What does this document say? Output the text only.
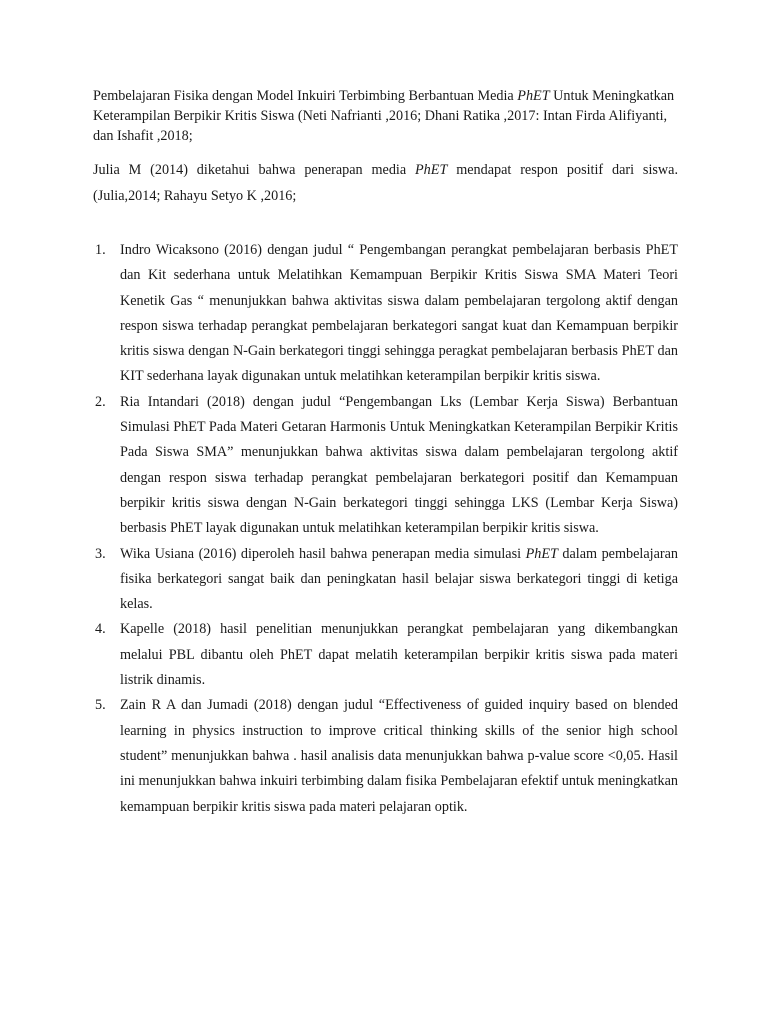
Pembelajaran Fisika dengan Model Inkuiri Terbimbing Berbantuan Media PhET Untuk Meningkatkan Keterampilan Berpikir Kritis Siswa (Neti Nafrianti ,2016; Dhani Ratika ,2017: Intan Firda Alifiyanti, dan Ishafit ,2018;

Julia M (2014) diketahui bahwa penerapan media PhET mendapat respon positif dari siswa. (Julia,2014; Rahayu Setyo K ,2016;

1. Indro Wicaksono (2016) dengan judul “ Pengembangan perangkat pembelajaran berbasis PhET dan Kit sederhana untuk Melatihkan Kemampuan Berpikir Kritis Siswa SMA Materi Teori Kenetik Gas “ menunjukkan bahwa aktivitas siswa dalam pembelajaran tergolong aktif dengan respon siswa terhadap perangkat pembelajaran berkategori sangat kuat dan Kemampuan berpikir kritis siswa dengan N-Gain berkategori tinggi sehingga peragkat pembelajaran berbasis PhET dan KIT sederhana layak digunakan untuk melatihkan keterampilan berpikir kritis siswa.
2. Ria Intandari (2018) dengan judul “Pengembangan Lks (Lembar Kerja Siswa) Berbantuan Simulasi PhET Pada Materi Getaran Harmonis Untuk Meningkatkan Keterampilan Berpikir Kritis Pada Siswa SMA” menunjukkan bahwa aktivitas siswa dalam pembelajaran tergolong aktif dengan respon siswa terhadap perangkat pembelajaran berkategori positif dan Kemampuan berpikir kritis siswa dengan N-Gain berkategori tinggi sehingga LKS (Lembar Kerja Siswa) berbasis PhET layak digunakan untuk melatihkan keterampilan berpikir kritis siswa.
3. Wika Usiana (2016) diperoleh hasil bahwa penerapan media simulasi PhET dalam pembelajaran fisika berkategori sangat baik dan peningkatan hasil belajar siswa berkategori tinggi di ketiga kelas.
4. Kapelle (2018) hasil penelitian menunjukkan perangkat pembelajaran yang dikembangkan melalui PBL dibantu oleh PhET dapat melatih keterampilan berpikir kritis siswa pada materi listrik dinamis.
5. Zain R A dan Jumadi (2018) dengan judul “Effectiveness of guided inquiry based on blended learning in physics instruction to improve critical thinking skills of the senior high school student” menunjukkan bahwa . hasil analisis data menunjukkan bahwa p-value score <0,05. Hasil ini menunjukkan bahwa inkuiri terbimbing dalam fisika Pembelajaran efektif untuk meningkatkan kemampuan berpikir kritis siswa pada materi pelajaran optik.
